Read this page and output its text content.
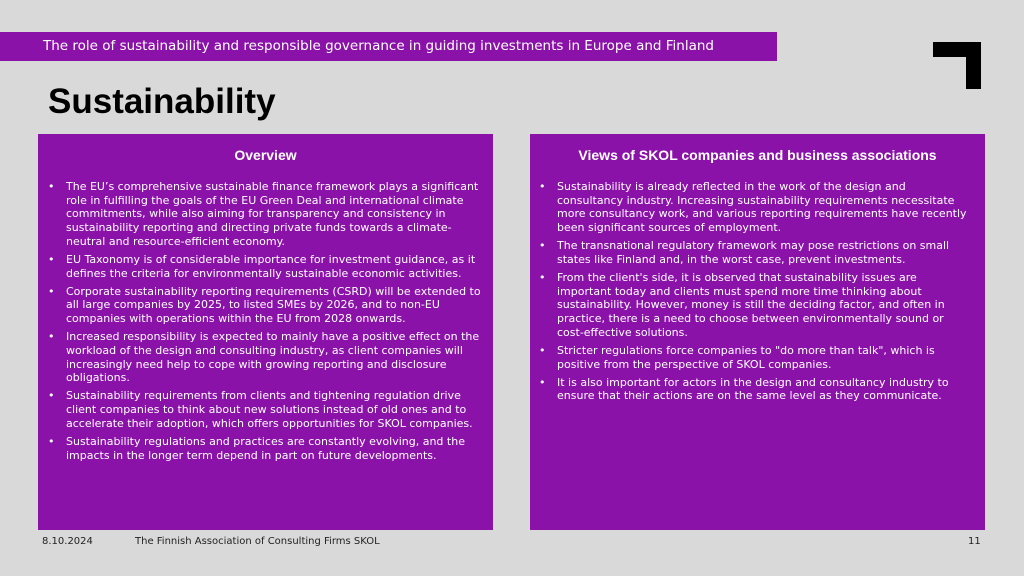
The role of sustainability and responsible governance in guiding investments in Europe and Finland
Sustainability
Overview
• The EU’s comprehensive sustainable finance framework plays a significant role in fulfilling the goals of the EU Green Deal and international climate commitments, while also aiming for transparency and consistency in sustainability reporting and directing private funds towards a climate-neutral and resource-efficient economy.
• EU Taxonomy is of considerable importance for investment guidance, as it defines the criteria for environmentally sustainable economic activities.
• Corporate sustainability reporting requirements (CSRD) will be extended to all large companies by 2025, to listed SMEs by 2026, and to non-EU companies with operations within the EU from 2028 onwards.
• Increased responsibility is expected to mainly have a positive effect on the workload of the design and consulting industry, as client companies will increasingly need help to cope with growing reporting and disclosure obligations.
• Sustainability requirements from clients and tightening regulation drive client companies to think about new solutions instead of old ones and to accelerate their adoption, which offers opportunities for SKOL companies.
• Sustainability regulations and practices are constantly evolving, and the impacts in the longer term depend in part on future developments.
Views of SKOL companies and business associations
• Sustainability is already reflected in the work of the design and consultancy industry. Increasing sustainability requirements necessitate more consultancy work, and various reporting requirements have recently been significant sources of employment.
• The transnational regulatory framework may pose restrictions on small states like Finland and, in the worst case, prevent investments.
• From the client's side, it is observed that sustainability issues are important today and clients must spend more time thinking about sustainability. However, money is still the deciding factor, and often in practice, there is a need to choose between environmentally sound or cost-effective solutions.
• Stricter regulations force companies to "do more than talk", which is positive from the perspective of SKOL companies.
• It is also important for actors in the design and consultancy industry to ensure that their actions are on the same level as they communicate.
8.10.2024	The Finnish Association of Consulting Firms SKOL	11
